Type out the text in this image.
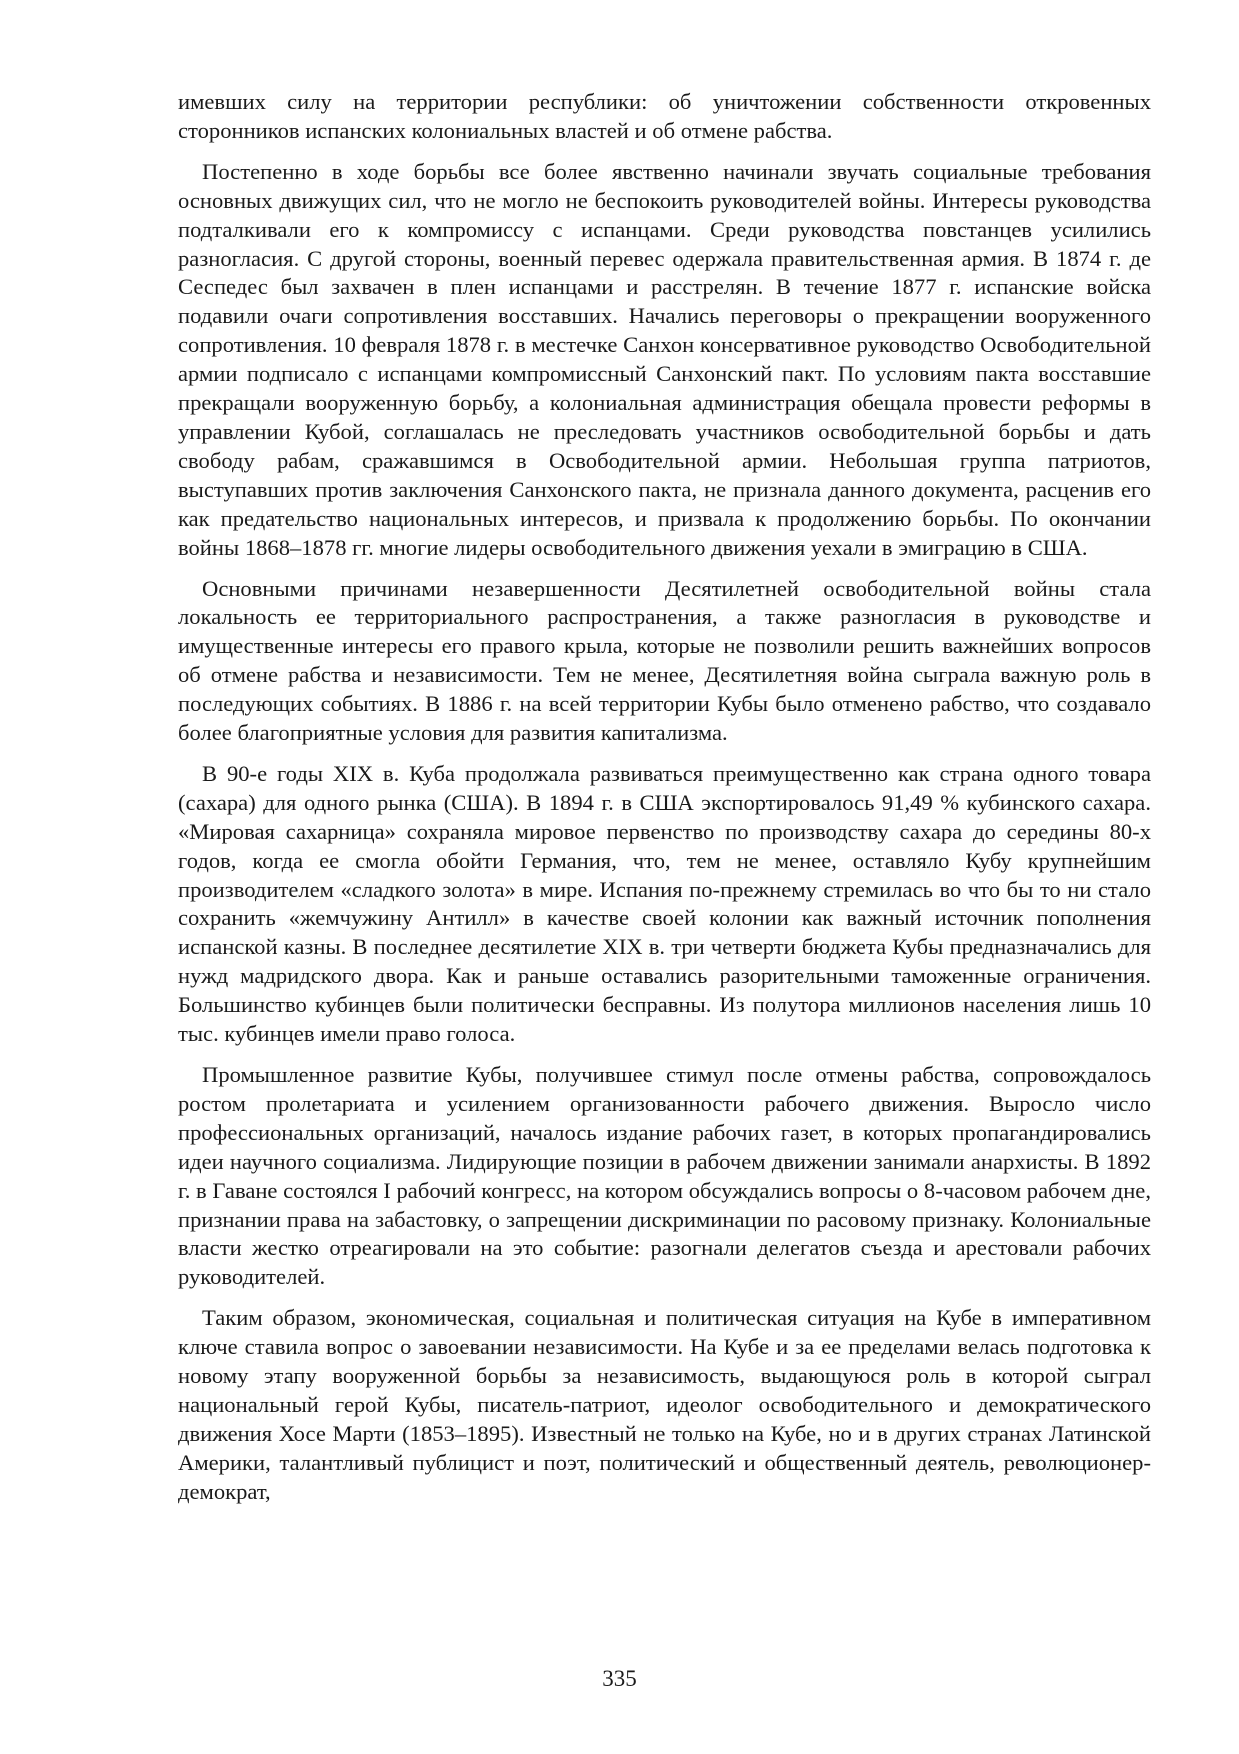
имевших силу на территории республики: об уничтожении собственности откровенных сторонников испанских колониальных властей и об отмене рабства.

Постепенно в ходе борьбы все более явственно начинали звучать социальные требования основных движущих сил, что не могло не беспокоить руководителей войны. Интересы руководства подталкивали его к компромиссу с испанцами. Среди руководства повстанцев усилились разногласия. С другой стороны, военный перевес одержала правительственная армия. В 1874 г. де Сеспедес был захвачен в плен испанцами и расстрелян. В течение 1877 г. испанские войска подавили очаги сопротивления восставших. Начались переговоры о прекращении вооруженного сопротивления. 10 февраля 1878 г. в местечке Санхон консервативное руководство Освободительной армии подписало с испанцами компромиссный Санхонский пакт. По условиям пакта восставшие прекращали вооруженную борьбу, а колониальная администрация обещала провести реформы в управлении Кубой, соглашалась не преследовать участников освободительной борьбы и дать свободу рабам, сражавшимся в Освободительной армии. Небольшая группа патриотов, выступавших против заключения Санхонского пакта, не признала данного документа, расценив его как предательство национальных интересов, и призвала к продолжению борьбы. По окончании войны 1868–1878 гг. многие лидеры освободительного движения уехали в эмиграцию в США.

Основными причинами незавершенности Десятилетней освободительной войны стала локальность ее территориального распространения, а также разногласия в руководстве и имущественные интересы его правого крыла, которые не позволили решить важнейших вопросов об отмене рабства и независимости. Тем не менее, Десятилетняя война сыграла важную роль в последующих событиях. В 1886 г. на всей территории Кубы было отменено рабство, что создавало более благоприятные условия для развития капитализма.

В 90-е годы XIX в. Куба продолжала развиваться преимущественно как страна одного товара (сахара) для одного рынка (США). В 1894 г. в США экспортировалось 91,49 % кубинского сахара. «Мировая сахарница» сохраняла мировое первенство по производству сахара до середины 80-х годов, когда ее смогла обойти Германия, что, тем не менее, оставляло Кубу крупнейшим производителем «сладкого золота» в мире. Испания по-прежнему стремилась во что бы то ни стало сохранить «жемчужину Антилл» в качестве своей колонии как важный источник пополнения испанской казны. В последнее десятилетие XIX в. три четверти бюджета Кубы предназначались для нужд мадридского двора. Как и раньше оставались разорительными таможенные ограничения. Большинство кубинцев были политически бесправны. Из полутора миллионов населения лишь 10 тыс. кубинцев имели право голоса.

Промышленное развитие Кубы, получившее стимул после отмены рабства, сопровождалось ростом пролетариата и усилением организованности рабочего движения. Выросло число профессиональных организаций, началось издание рабочих газет, в которых пропагандировались идеи научного социализма. Лидирующие позиции в рабочем движении занимали анархисты. В 1892 г. в Гаване состоялся I рабочий конгресс, на котором обсуждались вопросы о 8-часовом рабочем дне, признании права на забастовку, о запрещении дискриминации по расовому признаку. Колониальные власти жестко отреагировали на это событие: разогнали делегатов съезда и арестовали рабочих руководителей.

Таким образом, экономическая, социальная и политическая ситуация на Кубе в императивном ключе ставила вопрос о завоевании независимости. На Кубе и за ее пределами велась подготовка к новому этапу вооруженной борьбы за независимость, выдающуюся роль в которой сыграл национальный герой Кубы, писатель-патриот, идеолог освободительного и демократического движения Хосе Марти (1853–1895). Известный не только на Кубе, но и в других странах Латинской Америки, талантливый публицист и поэт, политический и общественный деятель, революционер-демократ,

335
